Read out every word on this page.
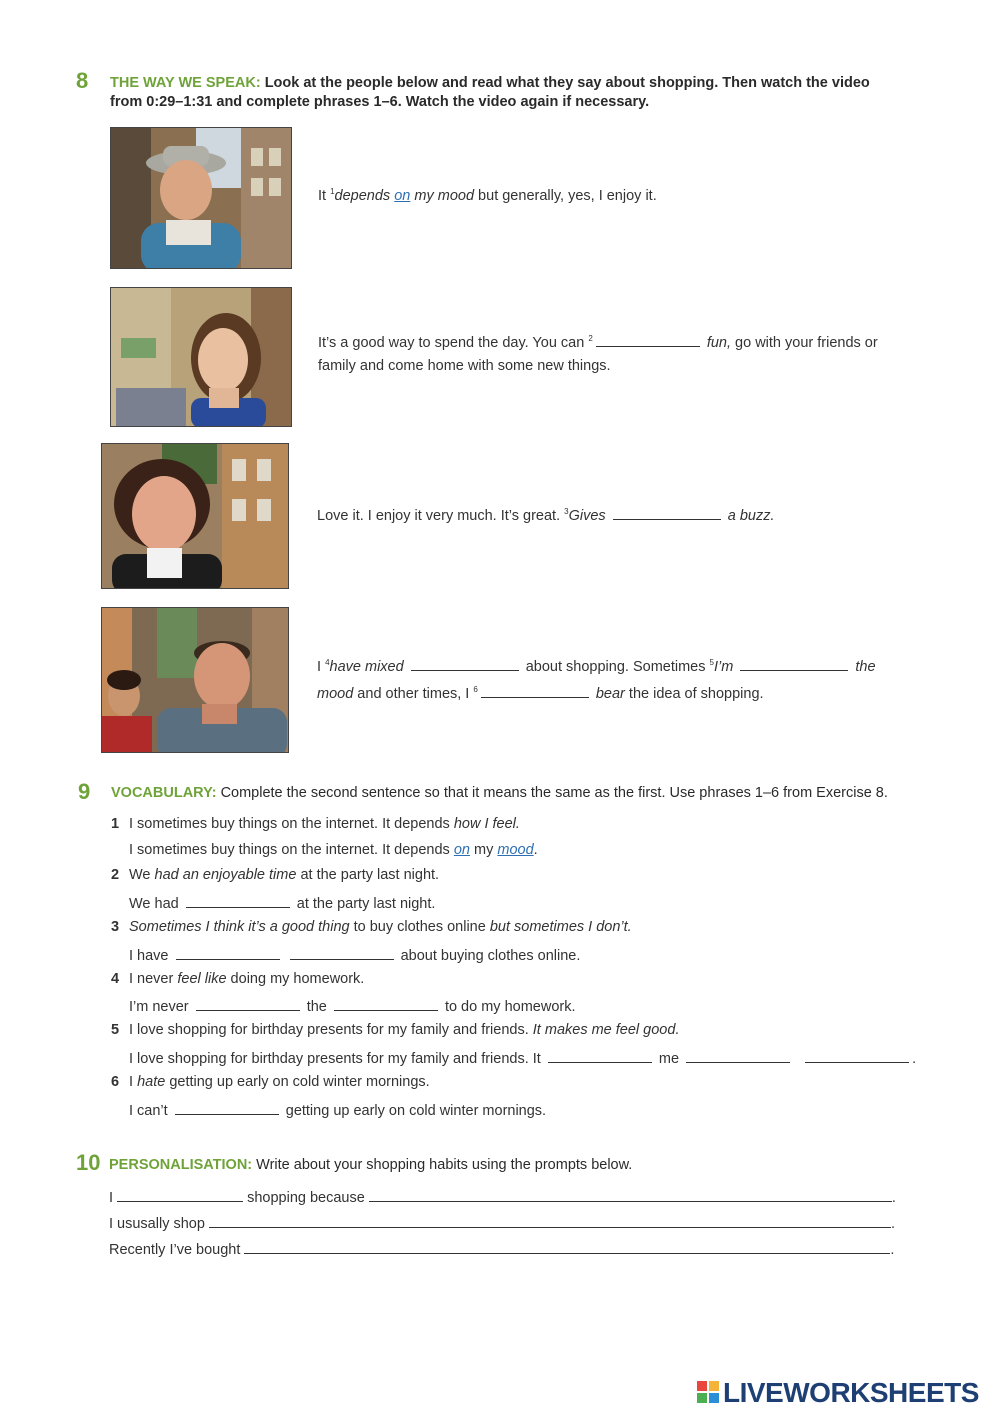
8 THE WAY WE SPEAK: Look at the people below and read what they say about shopping. Then watch the video
from 0:29–1:31 and complete phrases 1–6. Watch the video again if necessary.
It $^1$depends on my mood but generally, yes, I enjoy it.
It’s a good way to spend the day. You can $^2$	fun, go with your friends or
family and come home with some new things.
Love it. I enjoy it very much. It’s great. $^3$Gives	a buzz.
I $^4$have mixed	about shopping. Sometimes $^5$I’m	the
mood and other times, I $^6$	bear the idea of shopping.
9 VOCABULARY: Complete the second sentence so that it means the same as the first. Use phrases 1–6 from Exercise 8.
1 I sometimes buy things on the internet. It depends how I feel.
I sometimes buy things on the internet. It depends on my mood.
2 We had an enjoyable time at the party last night.
We had	at the party last night.
3 Sometimes I think it’s a good thing to buy clothes online but sometimes I don’t.
I have	about buying clothes online.
4 I never feel like doing my homework.
I’m never	the	to do my homework.
5 I love shopping for birthday presents for my family and friends. It makes me feel good.
I love shopping for birthday presents for my family and friends. It	me	.
6 I hate getting up early on cold winter mornings.
I can’t	getting up early on cold winter mornings.
10 PERSONALISATION: Write about your shopping habits using the prompts below.
I	shopping because	.
I ususally shop	.
Recently I’ve bought	.
LIVEWORKSHEETS
